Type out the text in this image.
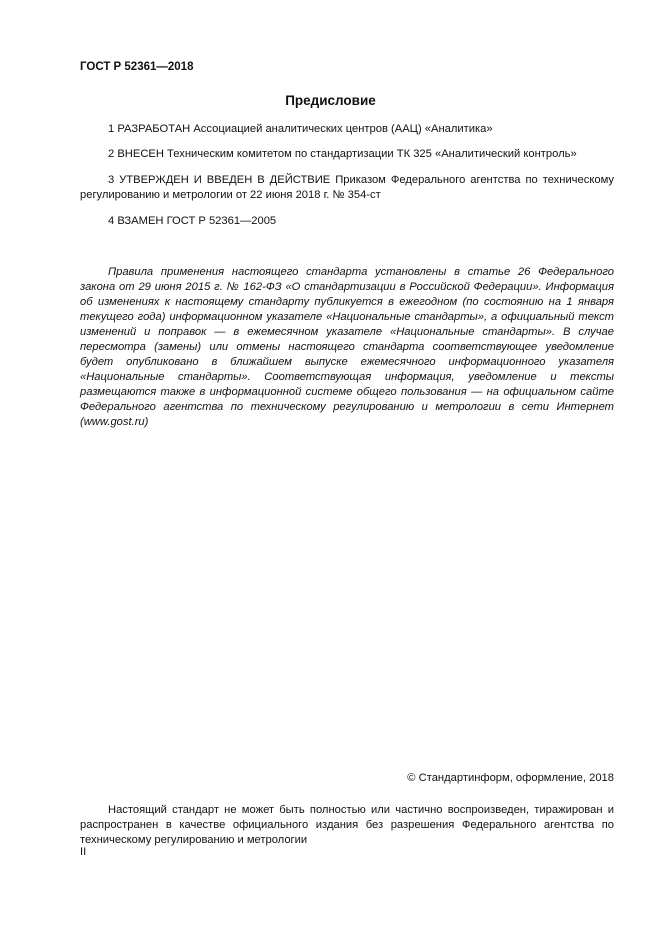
ГОСТ Р 52361—2018
Предисловие
1 РАЗРАБОТАН Ассоциацией аналитических центров (ААЦ) «Аналитика»
2 ВНЕСЕН Техническим комитетом по стандартизации ТК 325 «Аналитический контроль»
3 УТВЕРЖДЕН И ВВЕДЕН В ДЕЙСТВИЕ Приказом Федерального агентства по техническому регулированию и метрологии от 22 июня 2018 г. № 354-ст
4 ВЗАМЕН ГОСТ Р 52361—2005
Правила применения настоящего стандарта установлены в статье 26 Федерального закона от 29 июня 2015 г. № 162-ФЗ «О стандартизации в Российской Федерации». Информация об изменениях к настоящему стандарту публикуется в ежегодном (по состоянию на 1 января текущего года) информационном указателе «Национальные стандарты», а официальный текст изменений и поправок — в ежемесячном указателе «Национальные стандарты». В случае пересмотра (замены) или отмены настоящего стандарта соответствующее уведомление будет опубликовано в ближайшем выпуске ежемесячного информационного указателя «Национальные стандарты». Соответствующая информация, уведомление и тексты размещаются также в информационной системе общего пользования — на официальном сайте Федерального агентства по техническому регулированию и метрологии в сети Интернет (www.gost.ru)
© Стандартинформ, оформление, 2018
Настоящий стандарт не может быть полностью или частично воспроизведен, тиражирован и распространен в качестве официального издания без разрешения Федерального агентства по техническому регулированию и метрологии
II
